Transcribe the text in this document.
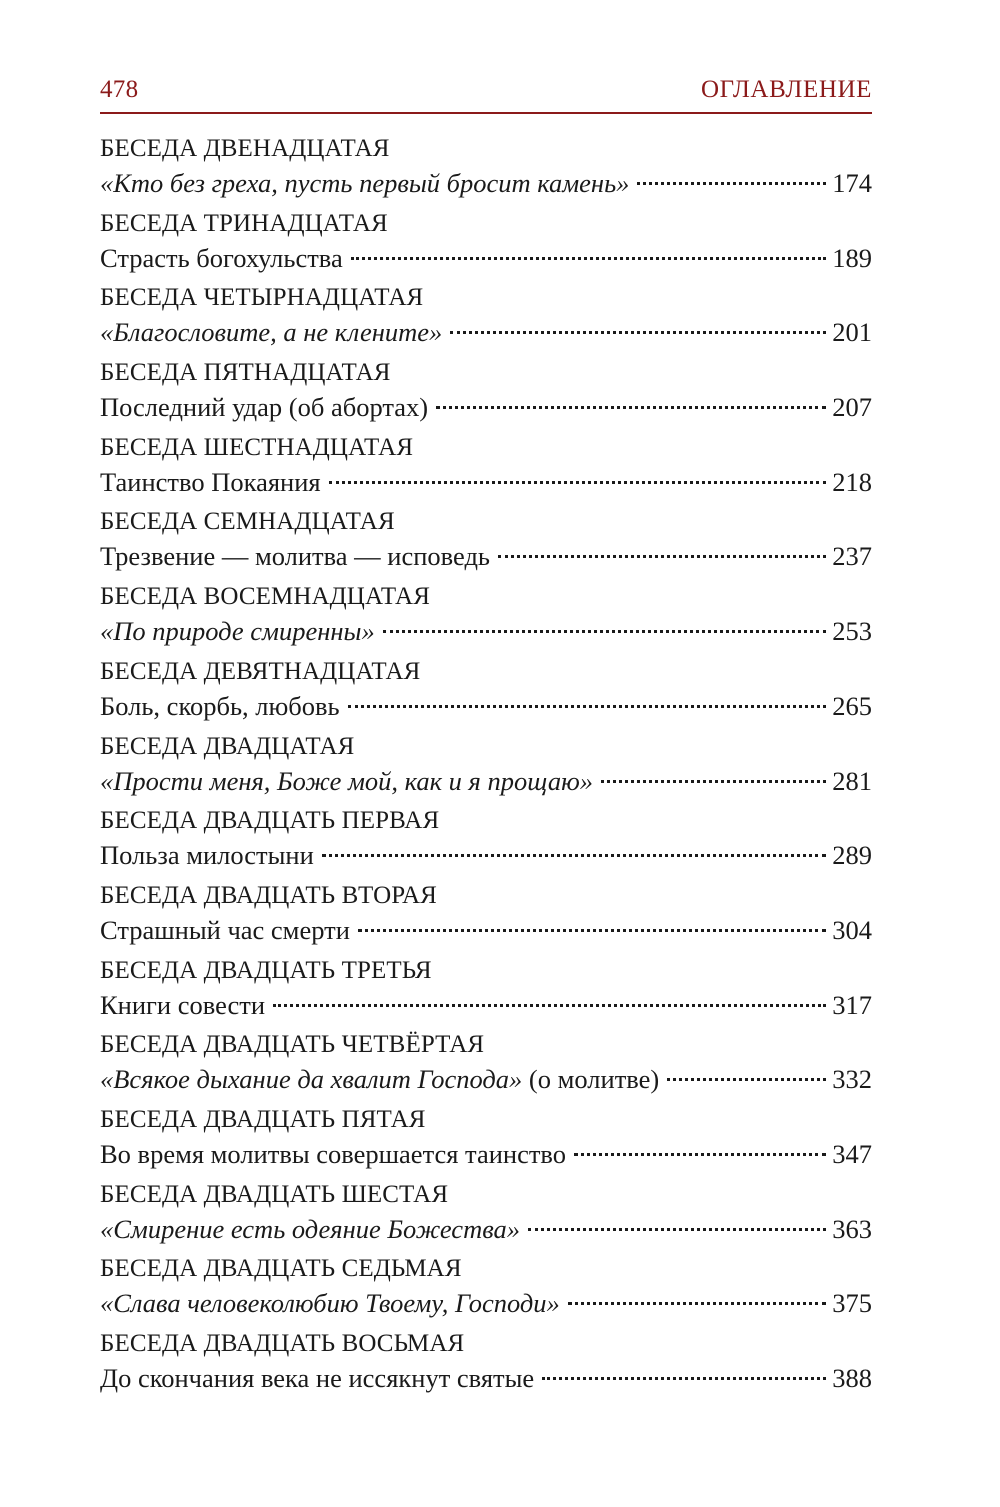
478	ОГЛАВЛЕНИЕ
БЕСЕДА ДВЕНАДЦАТАЯ
«Кто без греха, пусть первый бросит камень»	174
БЕСЕДА ТРИНАДЦАТАЯ
Страсть богохульства	189
БЕСЕДА ЧЕТЫРНАДЦАТАЯ
«Благословите, а не клените»	201
БЕСЕДА ПЯТНАДЦАТАЯ
Последний удар (об абортах)	207
БЕСЕДА ШЕСТНАДЦАТАЯ
Таинство Покаяния	218
БЕСЕДА СЕМНАДЦАТАЯ
Трезвение — молитва — исповедь	237
БЕСЕДА ВОСЕМНАДЦАТАЯ
«По природе смиренны»	253
БЕСЕДА ДЕВЯТНАДЦАТАЯ
Боль, скорбь, любовь	265
БЕСЕДА ДВАДЦАТАЯ
«Прости меня, Боже мой, как и я прощаю»	281
БЕСЕДА ДВАДЦАТЬ ПЕРВАЯ
Польза милостыни	289
БЕСЕДА ДВАДЦАТЬ ВТОРАЯ
Страшный час смерти	304
БЕСЕДА ДВАДЦАТЬ ТРЕТЬЯ
Книги совести	317
БЕСЕДА ДВАДЦАТЬ ЧЕТВЁРТАЯ
«Всякое дыхание да хвалит Господа» (о молитве)	332
БЕСЕДА ДВАДЦАТЬ ПЯТАЯ
Во время молитвы совершается таинство	347
БЕСЕДА ДВАДЦАТЬ ШЕСТАЯ
«Смирение есть одеяние Божества»	363
БЕСЕДА ДВАДЦАТЬ СЕДЬМАЯ
«Слава человеколюбию Твоему, Господи»	375
БЕСЕДА ДВАДЦАТЬ ВОСЬМАЯ
До скончания века не иссякнут святые	388
